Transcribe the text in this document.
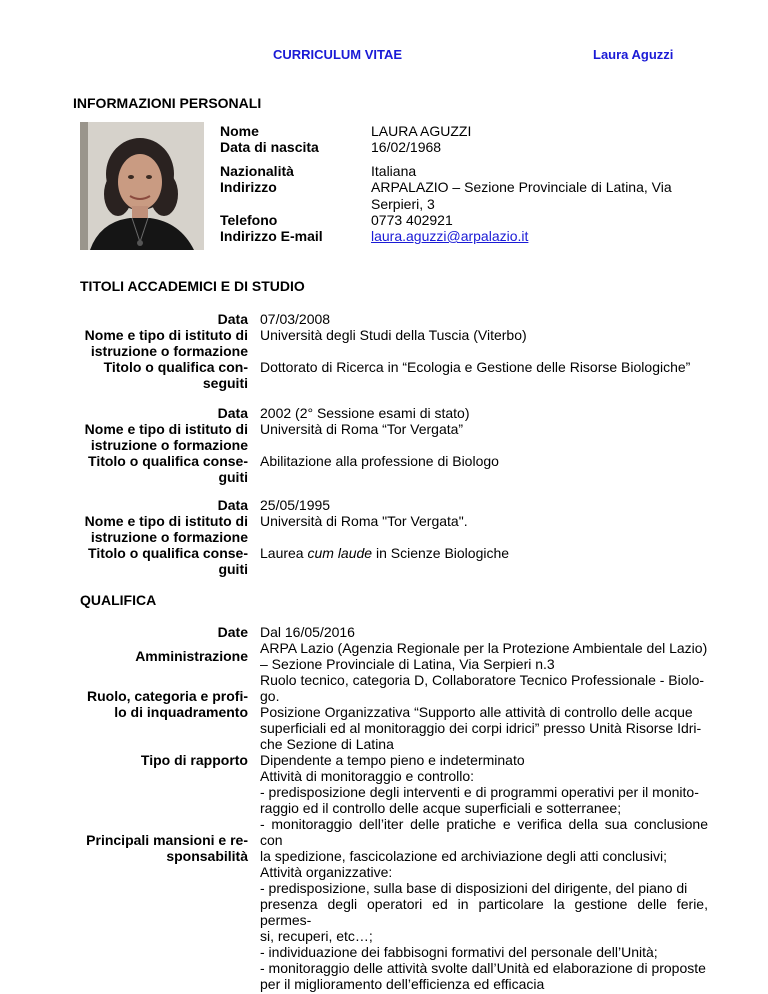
CURRICULUM VITAE	Laura Aguzzi
INFORMAZIONI PERSONALI
Nome
Data di nascita
LAURA AGUZZI
16/02/1968
Nazionalità
Indirizzo
Italiana
ARPALAZIO – Sezione Provinciale di Latina, Via
Serpieri, 3
Telefono
Indirizzo E-mail
0773 402921
laura.aguzzi@arpalazio.it
TITOLI ACCADEMICI E DI STUDIO
Data
Nome e tipo di istituto di
istruzione o formazione
Titolo o qualifica con-
seguiti
07/03/2008
Università degli Studi della Tuscia (Viterbo)
Dottorato di Ricerca in “Ecologia e Gestione delle Risorse Biologiche”
Data
Nome e tipo di istituto di
istruzione o formazione
Titolo o qualifica conse-
guiti
2002 (2° Sessione esami di stato)
Università di Roma “Tor Vergata”
Abilitazione alla professione di Biologo
Data
Nome e tipo di istituto di
istruzione o formazione
Titolo o qualifica conse-
guiti
25/05/1995
Università di Roma "Tor Vergata".
Laurea cum laude in Scienze Biologiche
QUALIFICA
Date
Amministrazione
Ruolo, categoria e profi-
lo di inquadramento
Tipo di rapporto
Principali mansioni e re-
sponsabilità
Dal 16/05/2016
ARPA Lazio (Agenzia Regionale per la Protezione Ambientale del Lazio)
– Sezione Provinciale di Latina, Via Serpieri n.3
Ruolo tecnico, categoria D, Collaboratore Tecnico Professionale - Biolo-
go.
Posizione Organizzativa “Supporto alle attività di controllo delle acque
superficiali ed al monitoraggio dei corpi idrici” presso Unità Risorse Idri-
che Sezione di Latina
Dipendente a tempo pieno e indeterminato
Attività di monitoraggio e controllo:
- predisposizione degli interventi e di programmi operativi per il monito-
raggio ed il controllo delle acque superficiali e sotterranee;
- monitoraggio dell’iter delle pratiche e verifica della sua conclusione con
la spedizione, fascicolazione ed archiviazione degli atti conclusivi;
Attività organizzative:
- predisposizione, sulla base di disposizioni del dirigente, del piano di
presenza degli operatori ed in particolare la gestione delle ferie, permes-
si, recuperi, etc…;
- individuazione dei fabbisogni formativi del personale dell’Unità;
- monitoraggio delle attività svolte dall’Unità ed elaborazione di proposte
per il miglioramento dell’efficienza ed efficacia
